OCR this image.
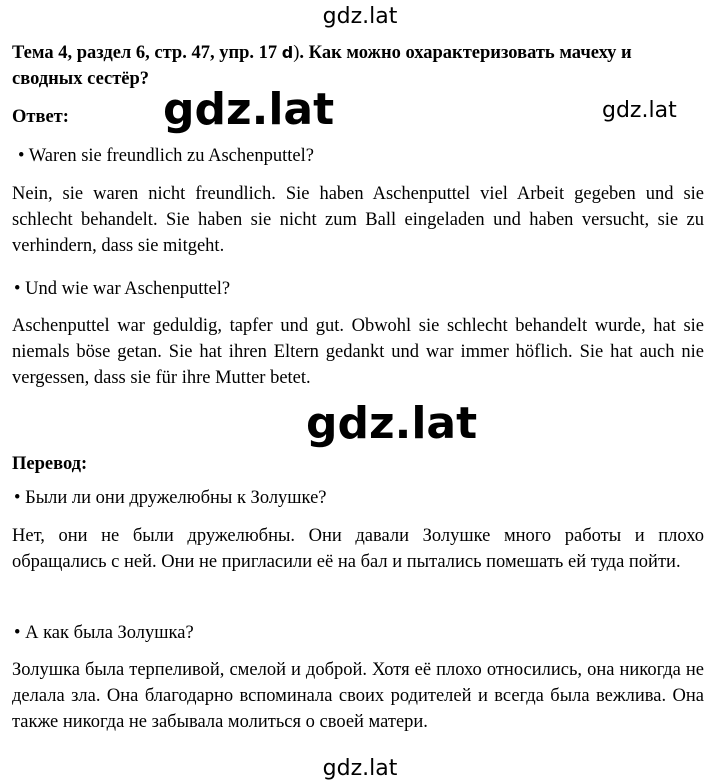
gdz.lat
Тема 4, раздел 6, стр. 47, упр. 17 d). Как можно охарактеризовать мачеху и сводных сестёр?
Ответ:	gdz.lat	gdz.lat
• Waren sie freundlich zu Aschenputtel?
Nein, sie waren nicht freundlich. Sie haben Aschenputtel viel Arbeit gegeben und sie schlecht behandelt. Sie haben sie nicht zum Ball eingeladen und haben versucht, sie zu verhindern, dass sie mitgeht.
• Und wie war Aschenputtel?
Aschenputtel war geduldig, tapfer und gut. Obwohl sie schlecht behandelt wurde, hat sie niemals böse getan. Sie hat ihren Eltern gedankt und war immer höflich. Sie hat auch nie vergessen, dass sie für ihre Mutter betet.
gdz.lat
Перевод:
• Были ли они дружелюбны к Золушке?
Нет, они не были дружелюбны. Они давали Золушке много работы и плохо обращались с ней. Они не пригласили её на бал и пытались помешать ей туда пойти.
• А как была Золушка?
Золушка была терпеливой, смелой и доброй. Хотя её плохо относились, она никогда не делала зла. Она благодарно вспоминала своих родителей и всегда была вежлива. Она также никогда не забывала молиться о своей матери.
gdz.lat
